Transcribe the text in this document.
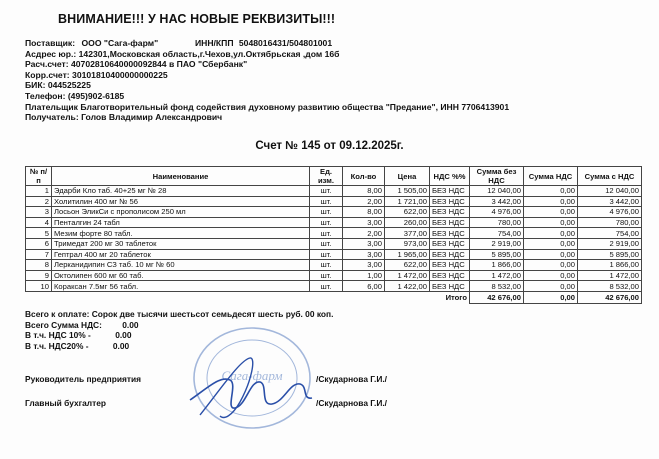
ВНИМАНИЕ!!! У НАС НОВЫЕ РЕКВИЗИТЫ!!!
Поставщик: ООО "Сага-фарм"	ИНН/КПП 5048016431/504801001
Асдрес юр.: 142301,Московская область,г.Чехов,ул.Октябрьская ,дом 16б
Расч.счет: 40702810640000092844 в ПАО "Сбербанк"
Корр.счет: 30101810400000000225
БИК: 044525225
Телефон: (495)902-6185
Плательщик Благотворительный фонд содействия духовному развитию общества "Предание", ИНН 7706413901
Получатель: Голов Владимир Александрович
Счет № 145 от 09.12.2025г.
№ п/п	Наименование	Ед. изм.	Кол-во	Цена	НДС %%	Сумма без НДС	Сумма НДС	Сумма с НДС
1	Эдарби Кло таб. 40+25 мг № 28	шт.	8,00	1 505,00	БЕЗ НДС	12 040,00	0,00	12 040,00
2	Холитилин 400 мг № 56	шт.	2,00	1 721,00	БЕЗ НДС	3 442,00	0,00	3 442,00
3	Лосьон ЭликСи с прополисом 250 мл	шт.	8,00	622,00	БЕЗ НДС	4 976,00	0,00	4 976,00
4	Пенталгин 24 табл	шт.	3,00	260,00	БЕЗ НДС	780,00	0,00	780,00
5	Мезим форте 80 табл.	шт.	2,00	377,00	БЕЗ НДС	754,00	0,00	754,00
6	Тримедат 200 мг 30 таблеток	шт.	3,00	973,00	БЕЗ НДС	2 919,00	0,00	2 919,00
7	Гептрал 400 мг 20 таблеток	шт.	3,00	1 965,00	БЕЗ НДС	5 895,00	0,00	5 895,00
8	Лерканидипин СЗ таб. 10 мг № 60	шт.	3,00	622,00	БЕЗ НДС	1 866,00	0,00	1 866,00
9	Октолипен 600 мг 60 таб.	шт.	1,00	1 472,00	БЕЗ НДС	1 472,00	0,00	1 472,00
10	Кораксан 7.5мг 56 табл.	шт.	6,00	1 422,00	БЕЗ НДС	8 532,00	0,00	8 532,00
					Итого	42 676,00	0,00	42 676,00
Всего к оплате: Сорок две тысячи шестьсот семьдесят шесть руб. 00 коп.
Всего Сумма НДС: 0.00
В т.ч. НДС 10% -	0.00
В т.ч. НДС20% -	0.00
Сага-фарм
Руководитель предприятия	/Скударнова Г.И./
Главный бухгалтер	/Скударнова Г.И./
